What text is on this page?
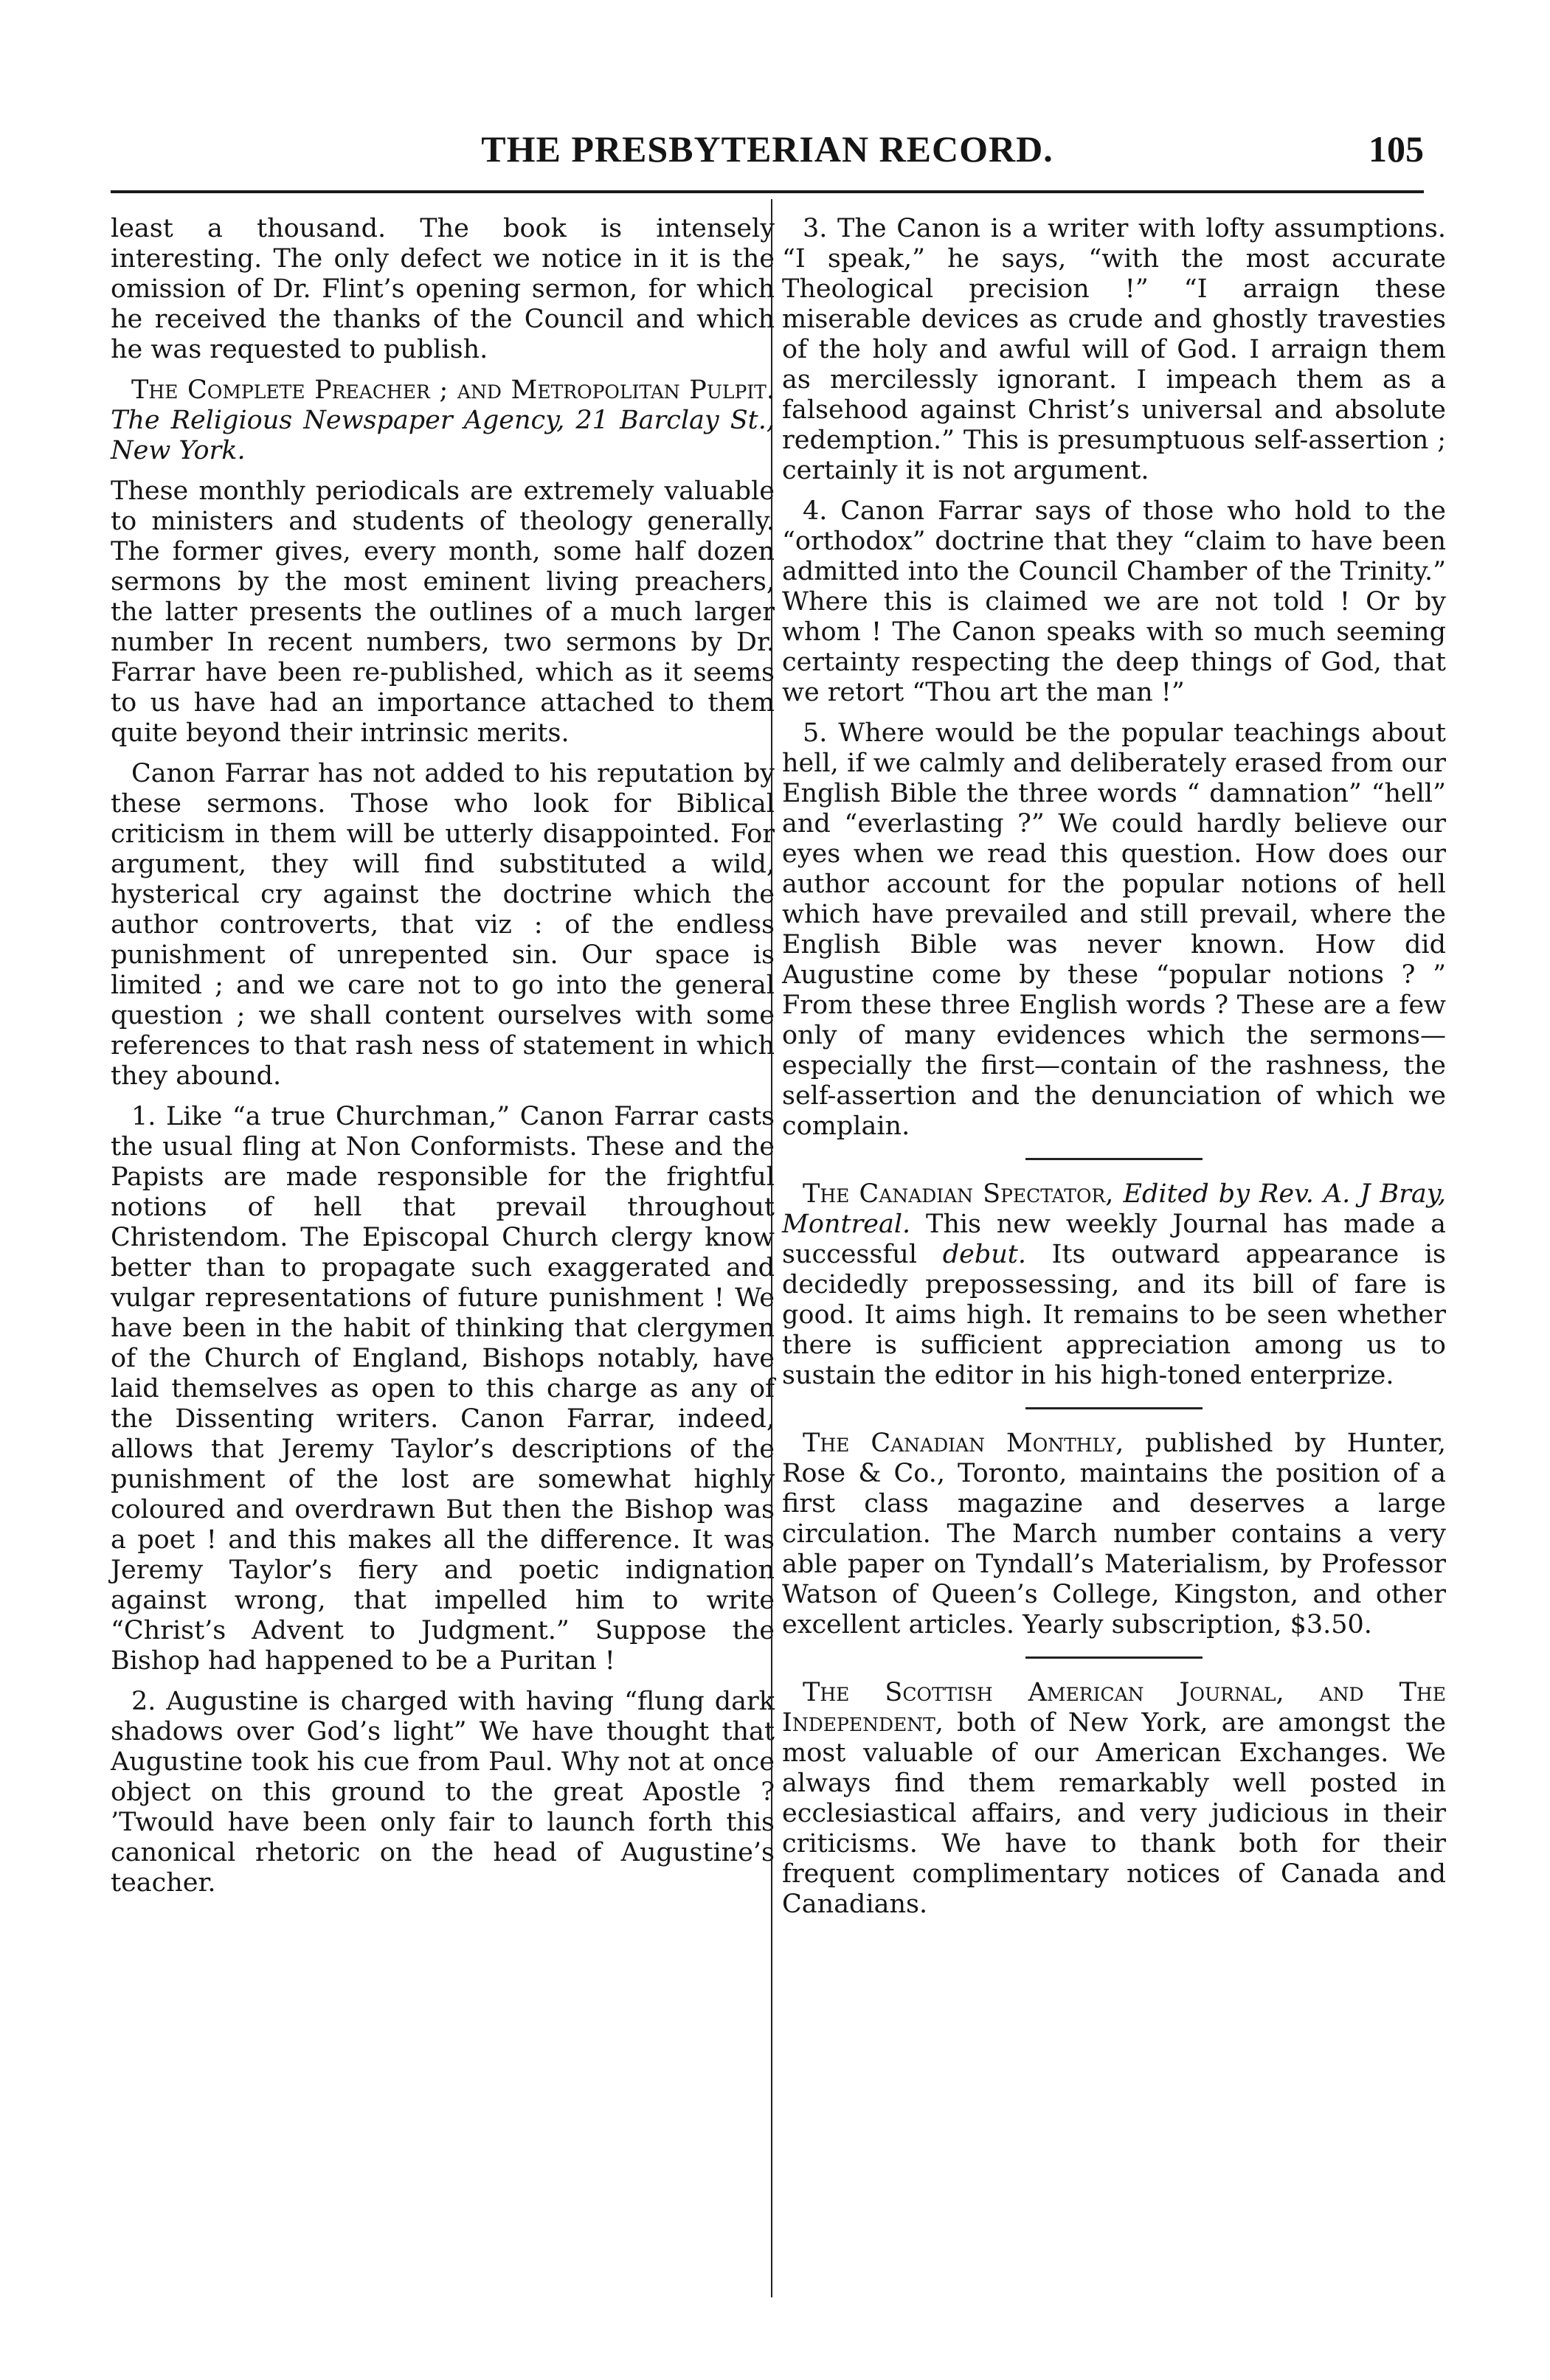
THE PRESBYTERIAN RECORD.	105

least a thousand. The book is intensely interesting. The only defect we notice in it is the omission of Dr. Flint’s opening sermon, for which he received the thanks of the Council and which he was requested to publish.

The Complete Preacher ; and Metropolitan Pulpit. The Religious Newspaper Agency, 21 Barclay St., New York.

These monthly periodicals are extremely valuable to ministers and students of theology generally. The former gives, every month, some half dozen sermons by the most eminent living preachers, the latter presents the outlines of a much larger number In recent numbers, two sermons by Dr. Farrar have been re-published, which as it seems to us have had an importance attached to them quite beyond their intrinsic merits.

Canon Farrar has not added to his reputation by these sermons. Those who look for Biblical criticism in them will be utterly disappointed. For argument, they will find substituted a wild, hysterical cry against the doctrine which the author controverts, that viz : of the endless punishment of unrepented sin. Our space is limited ; and we care not to go into the general question ; we shall content ourselves with some references to that rash ness of statement in which they abound.

1. Like “a true Churchman,” Canon Farrar casts the usual fling at Non Conformists. These and the Papists are made responsible for the frightful notions of hell that prevail throughout Christendom. The Episcopal Church clergy know better than to propagate such exaggerated and vulgar representations of future punishment ! We have been in the habit of thinking that clergymen of the Church of England, Bishops notably, have laid themselves as open to this charge as any of the Dissenting writers. Canon Farrar, indeed, allows that Jeremy Taylor’s descriptions of the punishment of the lost are somewhat highly coloured and overdrawn But then the Bishop was a poet ! and this makes all the difference. It was Jeremy Taylor’s fiery and poetic indignation against wrong, that impelled him to write “Christ’s Advent to Judgment.” Suppose the Bishop had happened to be a Puritan !

2. Augustine is charged with having “flung dark shadows over God’s light” We have thought that Augustine took his cue from Paul. Why not at once object on this ground to the great Apostle ? ’Twould have been only fair to launch forth this canonical rhetoric on the head of Augustine’s teacher.

3. The Canon is a writer with lofty assumptions. “I speak,” he says, “with the most accurate Theological precision !” “I arraign these miserable devices as crude and ghostly travesties of the holy and awful will of God. I arraign them as mercilessly ignorant. I impeach them as a falsehood against Christ’s universal and absolute redemption.” This is presumptuous self-assertion ; certainly it is not argument.

4. Canon Farrar says of those who hold to the “orthodox” doctrine that they “claim to have been admitted into the Council Chamber of the Trinity.” Where this is claimed we are not told ! Or by whom ! The Canon speaks with so much seeming certainty respecting the deep things of God, that we retort “Thou art the man !”

5. Where would be the popular teachings about hell, if we calmly and deliberately erased from our English Bible the three words “ damnation” “hell” and “everlasting ?” We could hardly believe our eyes when we read this question. How does our author account for the popular notions of hell which have prevailed and still prevail, where the English Bible was never known. How did Augustine come by these “popular notions ? ” From these three English words ? These are a few only of many evidences which the sermons—especially the first—contain of the rashness, the self-assertion and the denunciation of which we complain.

The Canadian Spectator, Edited by Rev. A. J Bray, Montreal. This new weekly Journal has made a successful debut. Its outward appearance is decidedly prepossessing, and its bill of fare is good. It aims high. It remains to be seen whether there is sufficient appreciation among us to sustain the editor in his high-toned enterprize.

The Canadian Monthly, published by Hunter, Rose & Co., Toronto, maintains the position of a first class magazine and deserves a large circulation. The March number contains a very able paper on Tyndall’s Materialism, by Professor Watson of Queen’s College, Kingston, and other excellent articles. Yearly subscription, $3.50.

The Scottish American Journal, and The Independent, both of New York, are amongst the most valuable of our American Exchanges. We always find them remarkably well posted in ecclesiastical affairs, and very judicious in their criticisms. We have to thank both for their frequent complimentary notices of Canada and Canadians.
